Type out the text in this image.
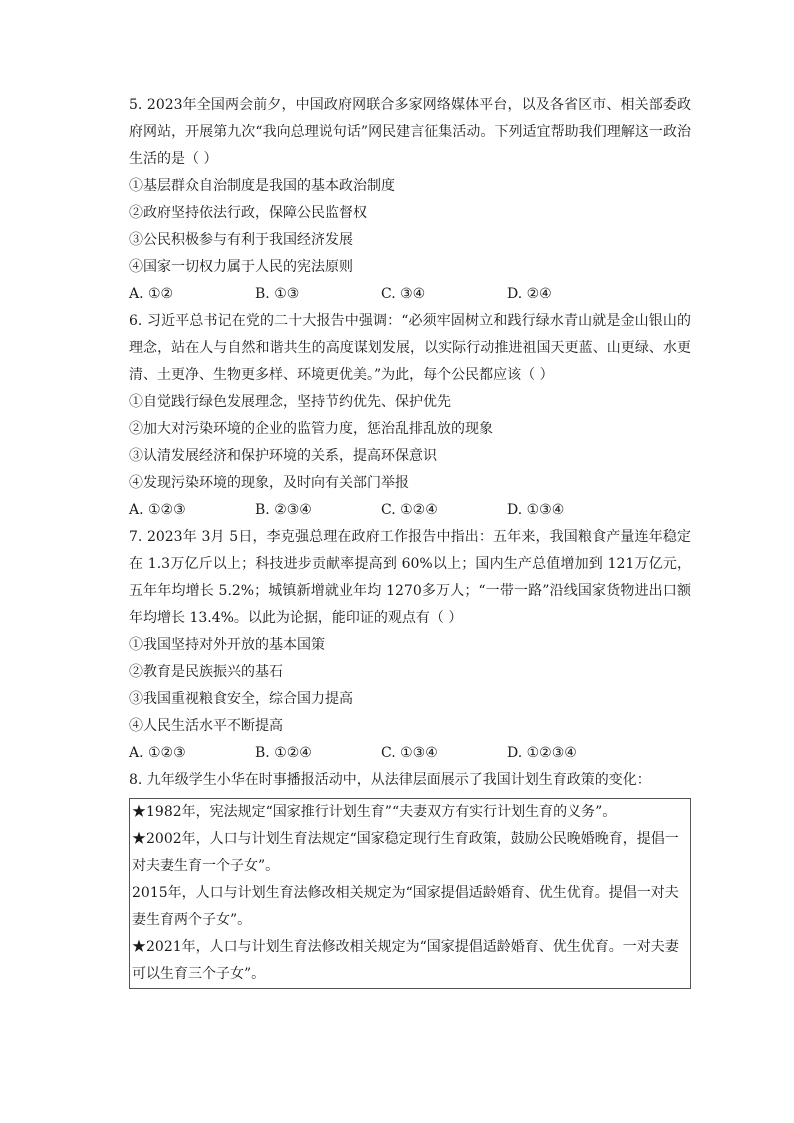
5. 2023年全国两会前夕，中国政府网联合多家网络媒体平台，以及各省区市、相关部委政府网站，开展第九次“我向总理说句话”网民建言征集活动。下列适宜帮助我们理解这一政治生活的是（ ）
①基层群众自治制度是我国的基本政治制度
②政府坚持依法行政，保障公民监督权
③公民积极参与有利于我国经济发展
④国家一切权力属于人民的宪法原则
A. ①②	B. ①③	C. ③④	D. ②④
6. 习近平总书记在党的二十大报告中强调：“必须牢固树立和践行绿水青山就是金山银山的理念，站在人与自然和谐共生的高度谋划发展，以实际行动推进祖国天更蓝、山更绿、水更清、土更净、生物更多样、环境更优美。”为此，每个公民都应该（ ）
①自觉践行绿色发展理念，坚持节约优先、保护优先
②加大对污染环境的企业的监管力度，惩治乱排乱放的现象
③认清发展经济和保护环境的关系，提高环保意识
④发现污染环境的现象，及时向有关部门举报
A. ①②③	B. ②③④	C. ①②④	D. ①③④
7. 2023年 3月 5日，李克强总理在政府工作报告中指出：五年来，我国粮食产量连年稳定在 1.3万亿斤以上；科技进步贡献率提高到 60%以上；国内生产总值增加到 121万亿元，五年年均增长 5.2%；城镇新增就业年均 1270多万人；“一带一路”沿线国家货物进出口额年均增长 13.4%。以此为论据，能印证的观点有（ ）
①我国坚持对外开放的基本国策
②教育是民族振兴的基石
③我国重视粮食安全，综合国力提高
④人民生活水平不断提高
A. ①②③	B. ①②④	C. ①③④	D. ①②③④
8. 九年级学生小华在时事播报活动中，从法律层面展示了我国计划生育政策的变化：
★1982年，宪法规定“国家推行计划生育”“夫妻双方有实行计划生育的义务”。
★2002年，人口与计划生育法规定“国家稳定现行生育政策，鼓励公民晚婚晚育，提倡一对夫妻生育一个子女”。
2015年，人口与计划生育法修改相关规定为“国家提倡适龄婚育、优生优育。提倡一对夫妻生育两个子女”。
★2021年，人口与计划生育法修改相关规定为“国家提倡适龄婚育、优生优育。一对夫妻可以生育三个子女”。
